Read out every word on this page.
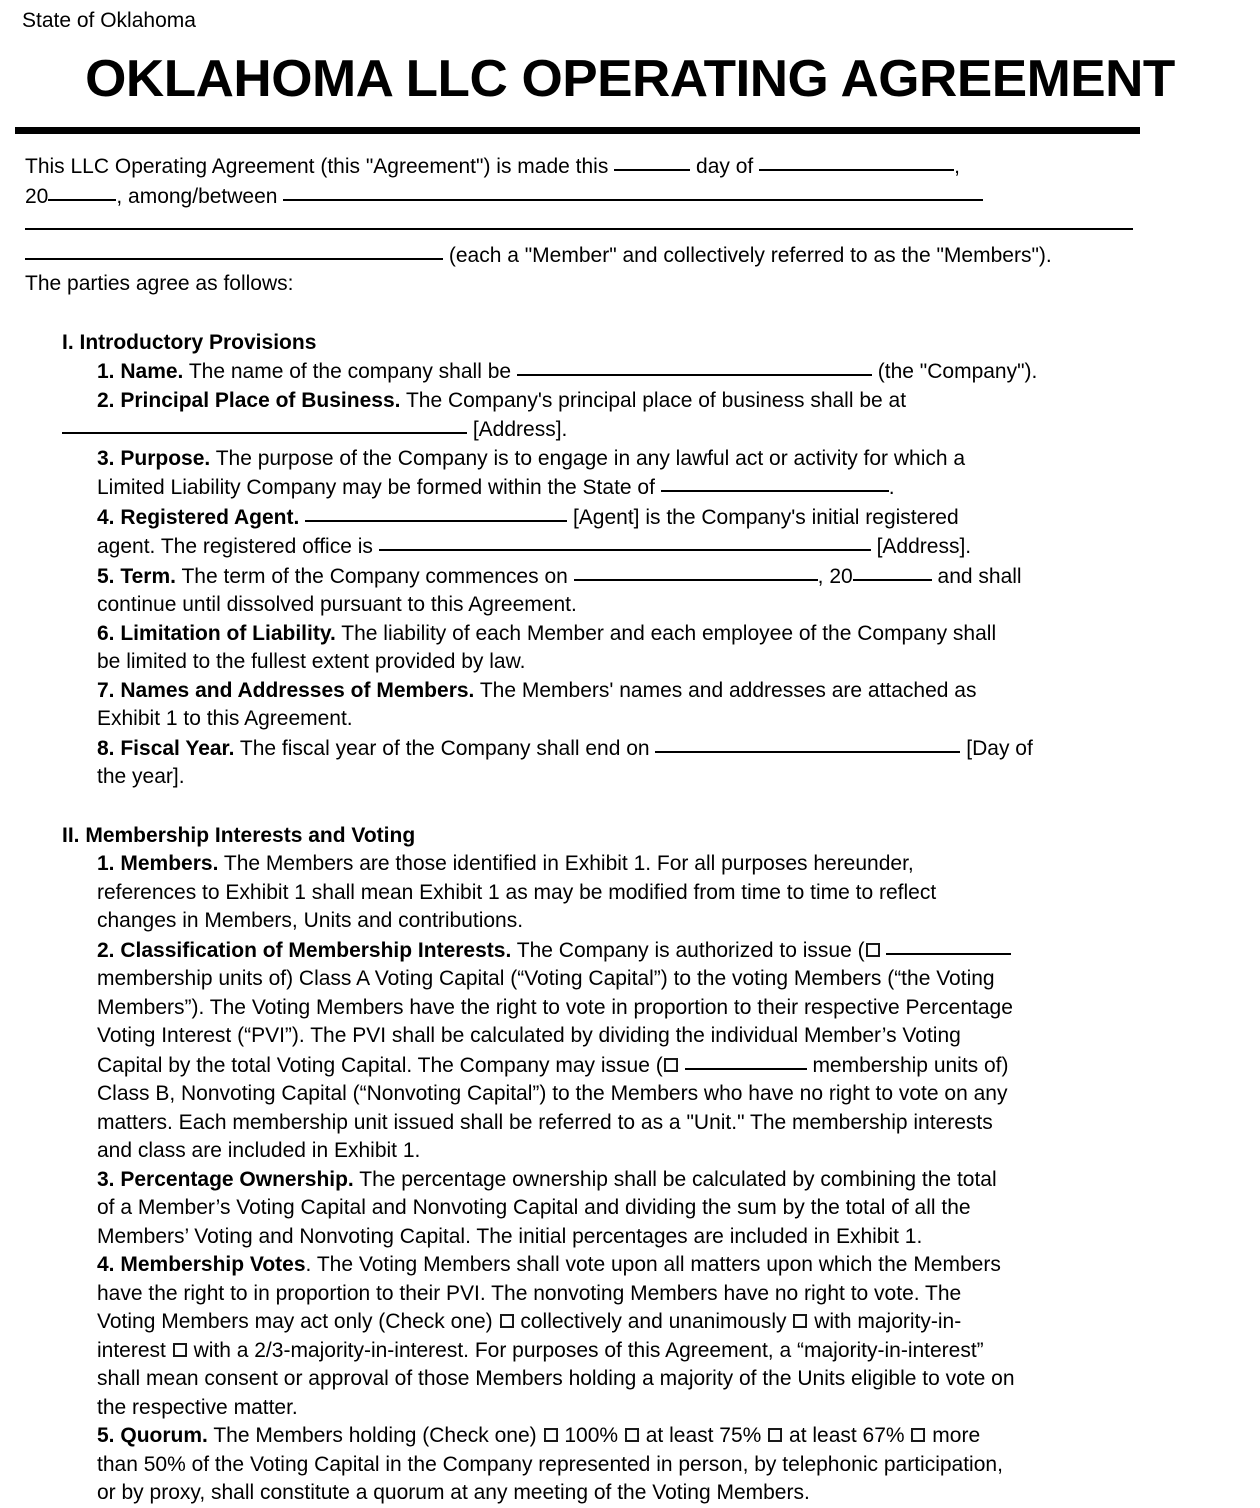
State of Oklahoma
OKLAHOMA LLC OPERATING AGREEMENT
This LLC Operating Agreement (this "Agreement") is made this	day of	,
20	, among/between
(each a "Member" and collectively referred to as the "Members").
The parties agree as follows:
I. Introductory Provisions
1. Name. The name of the company shall be	(the "Company").
2. Principal Place of Business. The Company's principal place of business shall be at
[Address].
3. Purpose. The purpose of the Company is to engage in any lawful act or activity for which a
Limited Liability Company may be formed within the State of	.
4. Registered Agent.	[Agent] is the Company's initial registered
agent. The registered office is	[Address].
5. Term. The term of the Company commences on	, 20	and shall
continue until dissolved pursuant to this Agreement.
6. Limitation of Liability. The liability of each Member and each employee of the Company shall
be limited to the fullest extent provided by law.
7. Names and Addresses of Members. The Members' names and addresses are attached as
Exhibit 1 to this Agreement.
8. Fiscal Year. The fiscal year of the Company shall end on	[Day of
the year].
II. Membership Interests and Voting
1. Members. The Members are those identified in Exhibit 1. For all purposes hereunder,
references to Exhibit 1 shall mean Exhibit 1 as may be modified from time to time to reflect
changes in Members, Units and contributions.
2. Classification of Membership Interests. The Company is authorized to issue (
membership units of) Class A Voting Capital (“Voting Capital”) to the voting Members (“the Voting
Members”). The Voting Members have the right to vote in proportion to their respective Percentage
Voting Interest (“PVI”). The PVI shall be calculated by dividing the individual Member’s Voting
Capital by the total Voting Capital. The Company may issue (	membership units of)
Class B, Nonvoting Capital (“Nonvoting Capital”) to the Members who have no right to vote on any
matters. Each membership unit issued shall be referred to as a "Unit." The membership interests
and class are included in Exhibit 1.
3. Percentage Ownership. The percentage ownership shall be calculated by combining the total
of a Member’s Voting Capital and Nonvoting Capital and dividing the sum by the total of all the
Members’ Voting and Nonvoting Capital. The initial percentages are included in Exhibit 1.
4. Membership Votes. The Voting Members shall vote upon all matters upon which the Members
have the right to in proportion to their PVI. The nonvoting Members have no right to vote. The
Voting Members may act only (Check one) collectively and unanimously with majority-in-
interest with a 2/3-majority-in-interest. For purposes of this Agreement, a “majority-in-interest”
shall mean consent or approval of those Members holding a majority of the Units eligible to vote on
the respective matter.
5. Quorum. The Members holding (Check one) 100% at least 75% at least 67% more
than 50% of the Voting Capital in the Company represented in person, by telephonic participation,
or by proxy, shall constitute a quorum at any meeting of the Voting Members.
